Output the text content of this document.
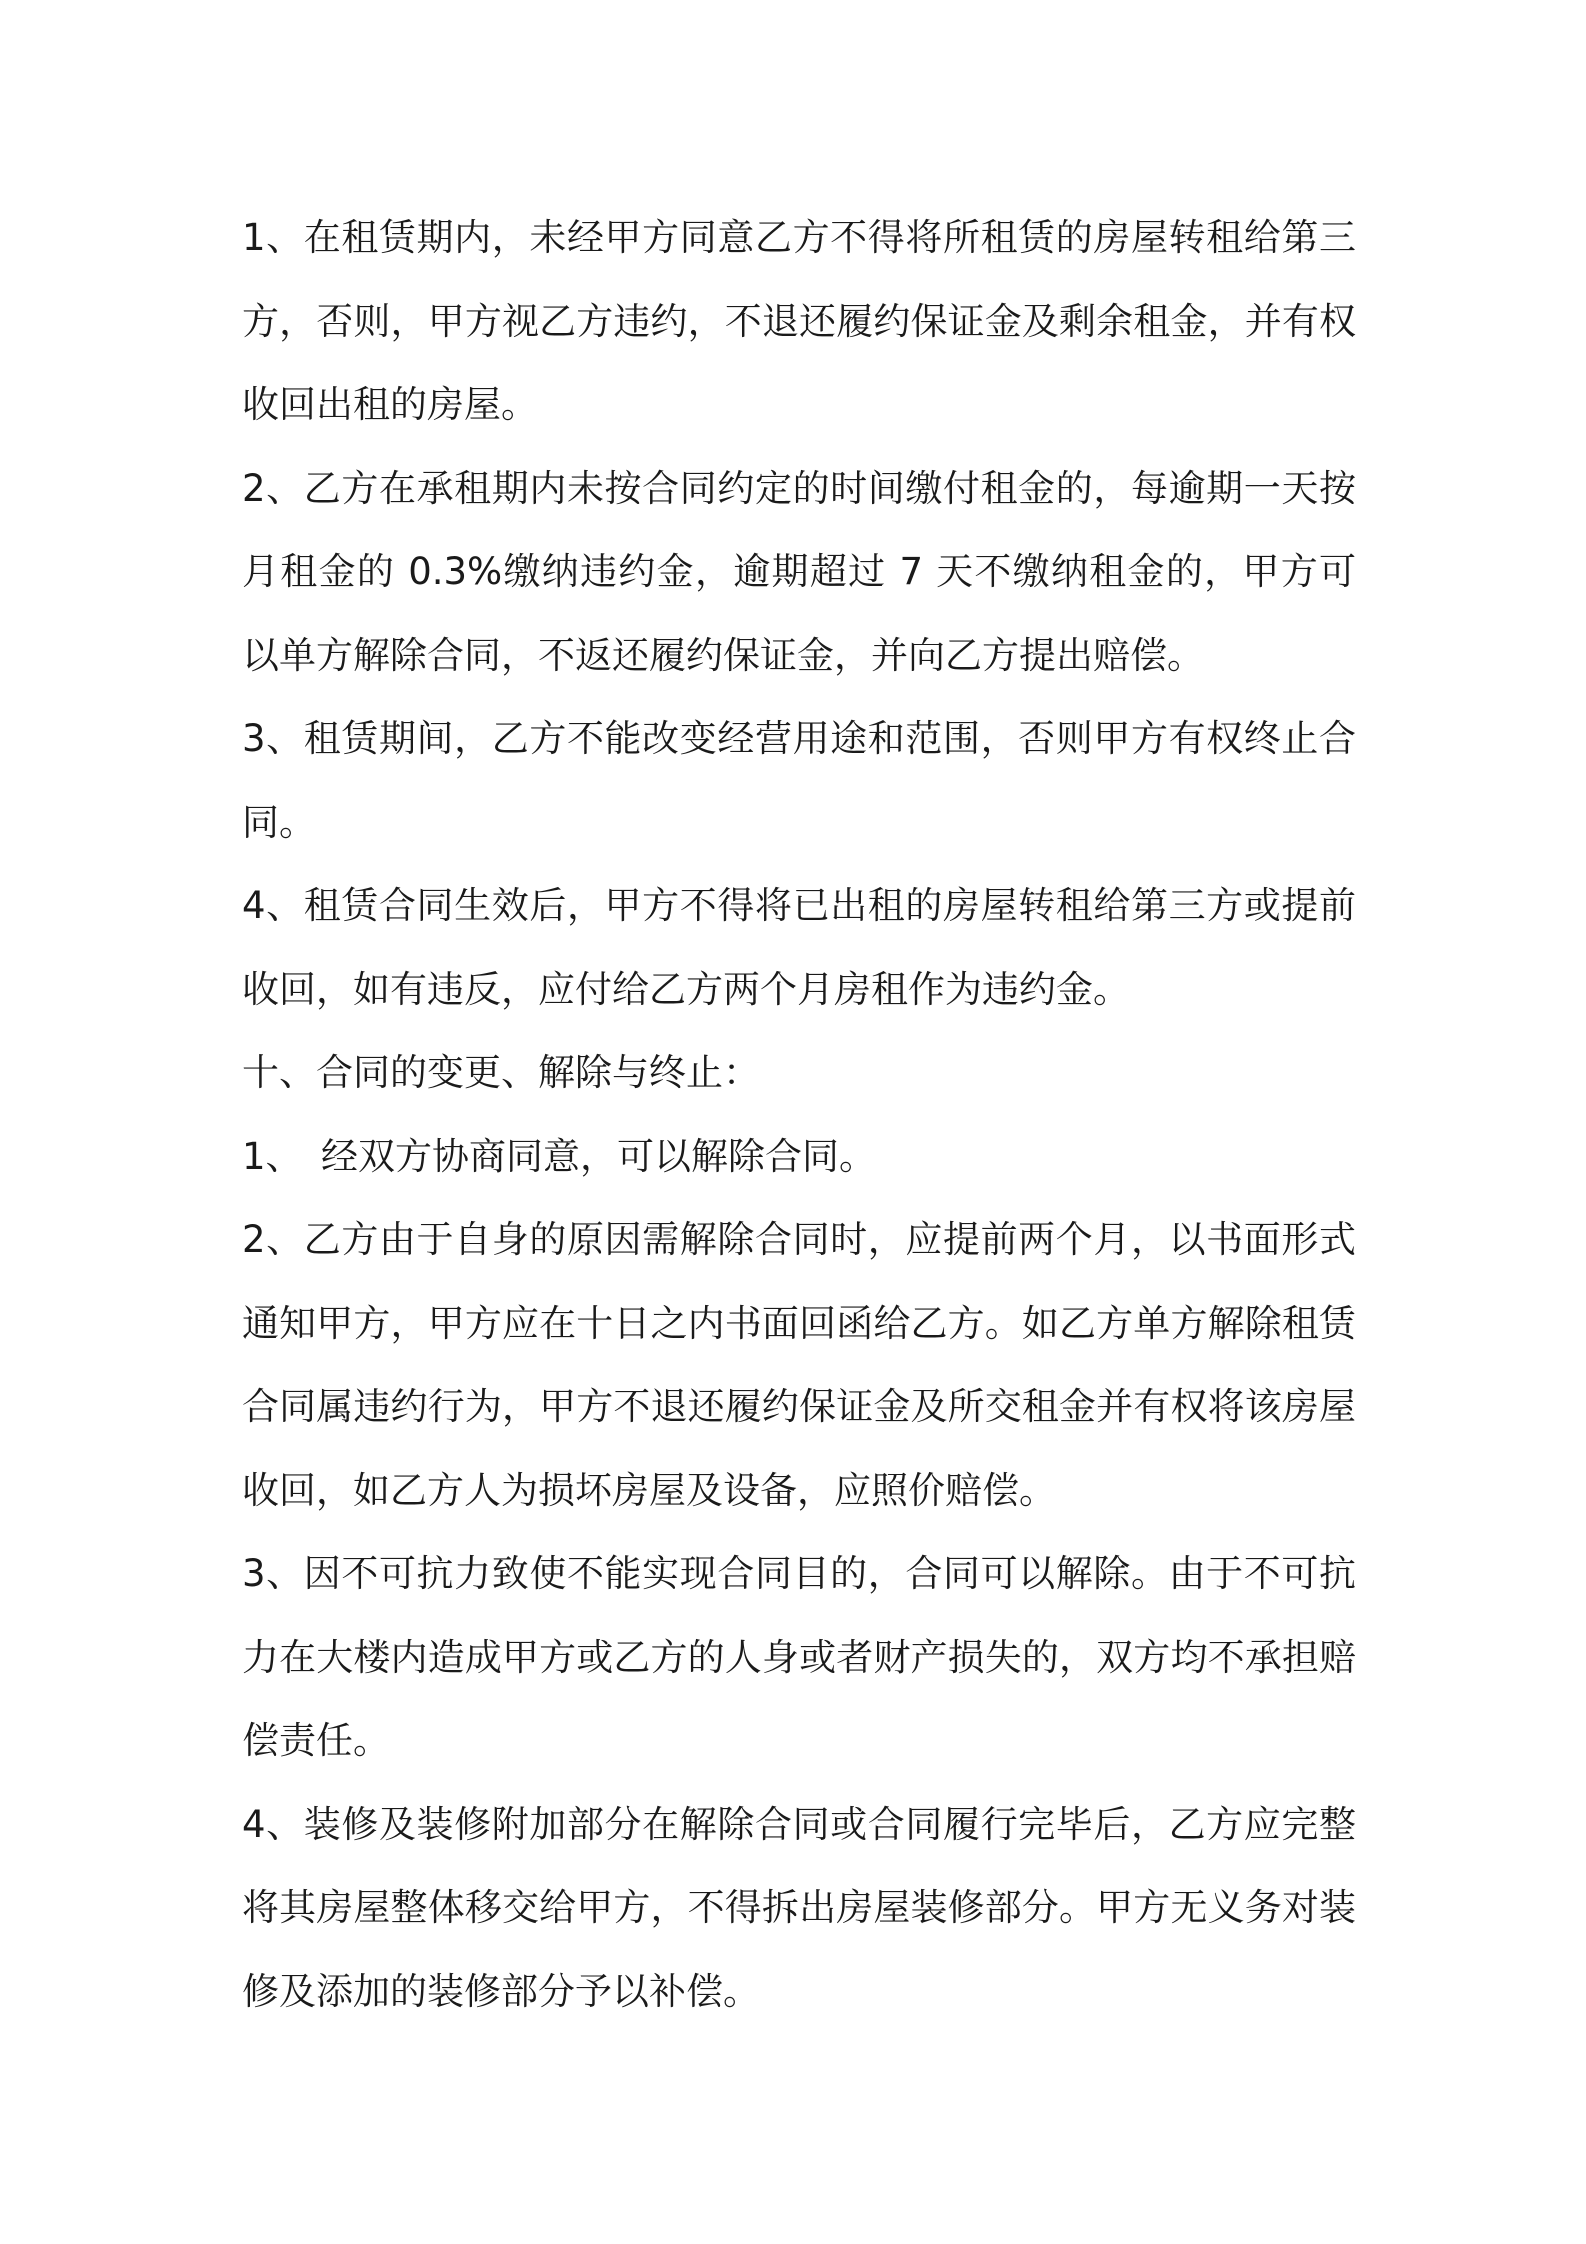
1、在租赁期内，未经甲方同意乙方不得将所租赁的房屋转租给第三方，否则，甲方视乙方违约，不退还履约保证金及剩余租金，并有权收回出租的房屋。

2、乙方在承租期内未按合同约定的时间缴付租金的，每逾期一天按月租金的 0.3%缴纳违约金，逾期超过 7 天不缴纳租金的，甲方可以单方解除合同，不返还履约保证金，并向乙方提出赔偿。

3、租赁期间，乙方不能改变经营用途和范围，否则甲方有权终止合同。

4、租赁合同生效后，甲方不得将已出租的房屋转租给第三方或提前收回，如有违反，应付给乙方两个月房租作为违约金。

十、合同的变更、解除与终止：

1、　经双方协商同意，可以解除合同。

2、乙方由于自身的原因需解除合同时，应提前两个月，以书面形式通知甲方，甲方应在十日之内书面回函给乙方。如乙方单方解除租赁合同属违约行为，甲方不退还履约保证金及所交租金并有权将该房屋收回，如乙方人为损坏房屋及设备，应照价赔偿。

3、因不可抗力致使不能实现合同目的，合同可以解除。由于不可抗力在大楼内造成甲方或乙方的人身或者财产损失的，双方均不承担赔偿责任。

4、装修及装修附加部分在解除合同或合同履行完毕后，乙方应完整将其房屋整体移交给甲方，不得拆出房屋装修部分。甲方无义务对装修及添加的装修部分予以补偿。
